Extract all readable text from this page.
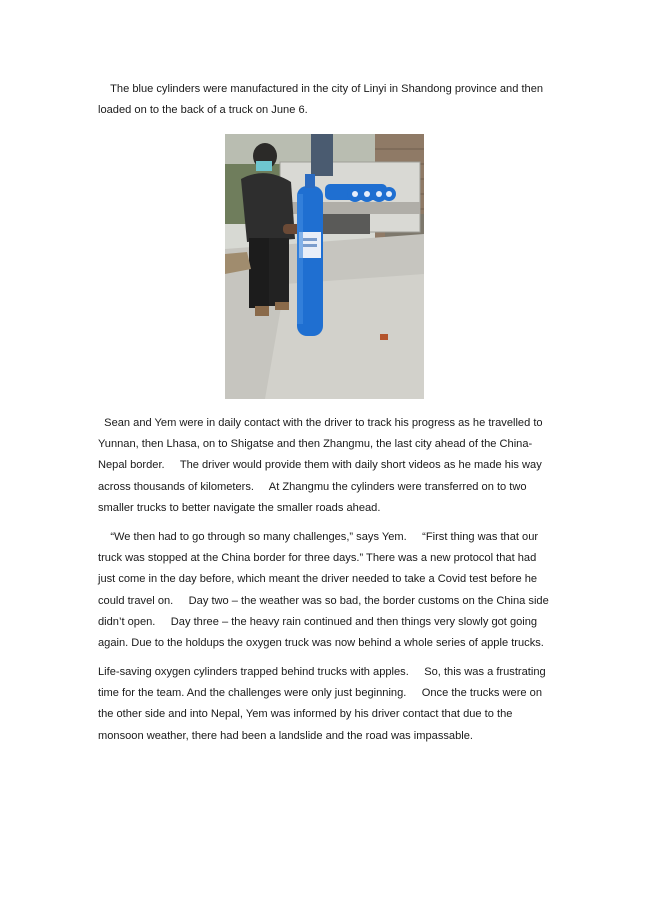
The blue cylinders were manufactured in the city of Linyi in Shandong province and then
loaded on to the back of a truck on June 6.

Sean and Yem were in daily contact with the driver to track his progress as he travelled to
Yunnan, then Lhasa, on to Shigatse and then Zhangmu, the last city ahead of the China-
Nepal border.     The driver would provide them with daily short videos as he made his way
across thousands of kilometers.     At Zhangmu the cylinders were transferred on to two
smaller trucks to better navigate the smaller roads ahead.

“We then had to go through so many challenges,” says Yem.     “First thing was that our
truck was stopped at the China border for three days.” There was a new protocol that had
just come in the day before, which meant the driver needed to take a Covid test before he
could travel on.     Day two – the weather was so bad, the border customs on the China side
didn’t open.     Day three – the heavy rain continued and then things very slowly got going
again. Due to the holdups the oxygen truck was now behind a whole series of apple trucks.

Life-saving oxygen cylinders trapped behind trucks with apples.     So, this was a frustrating
time for the team. And the challenges were only just beginning.     Once the trucks were on
the other side and into Nepal, Yem was informed by his driver contact that due to the
monsoon weather, there had been a landslide and the road was impassable.
